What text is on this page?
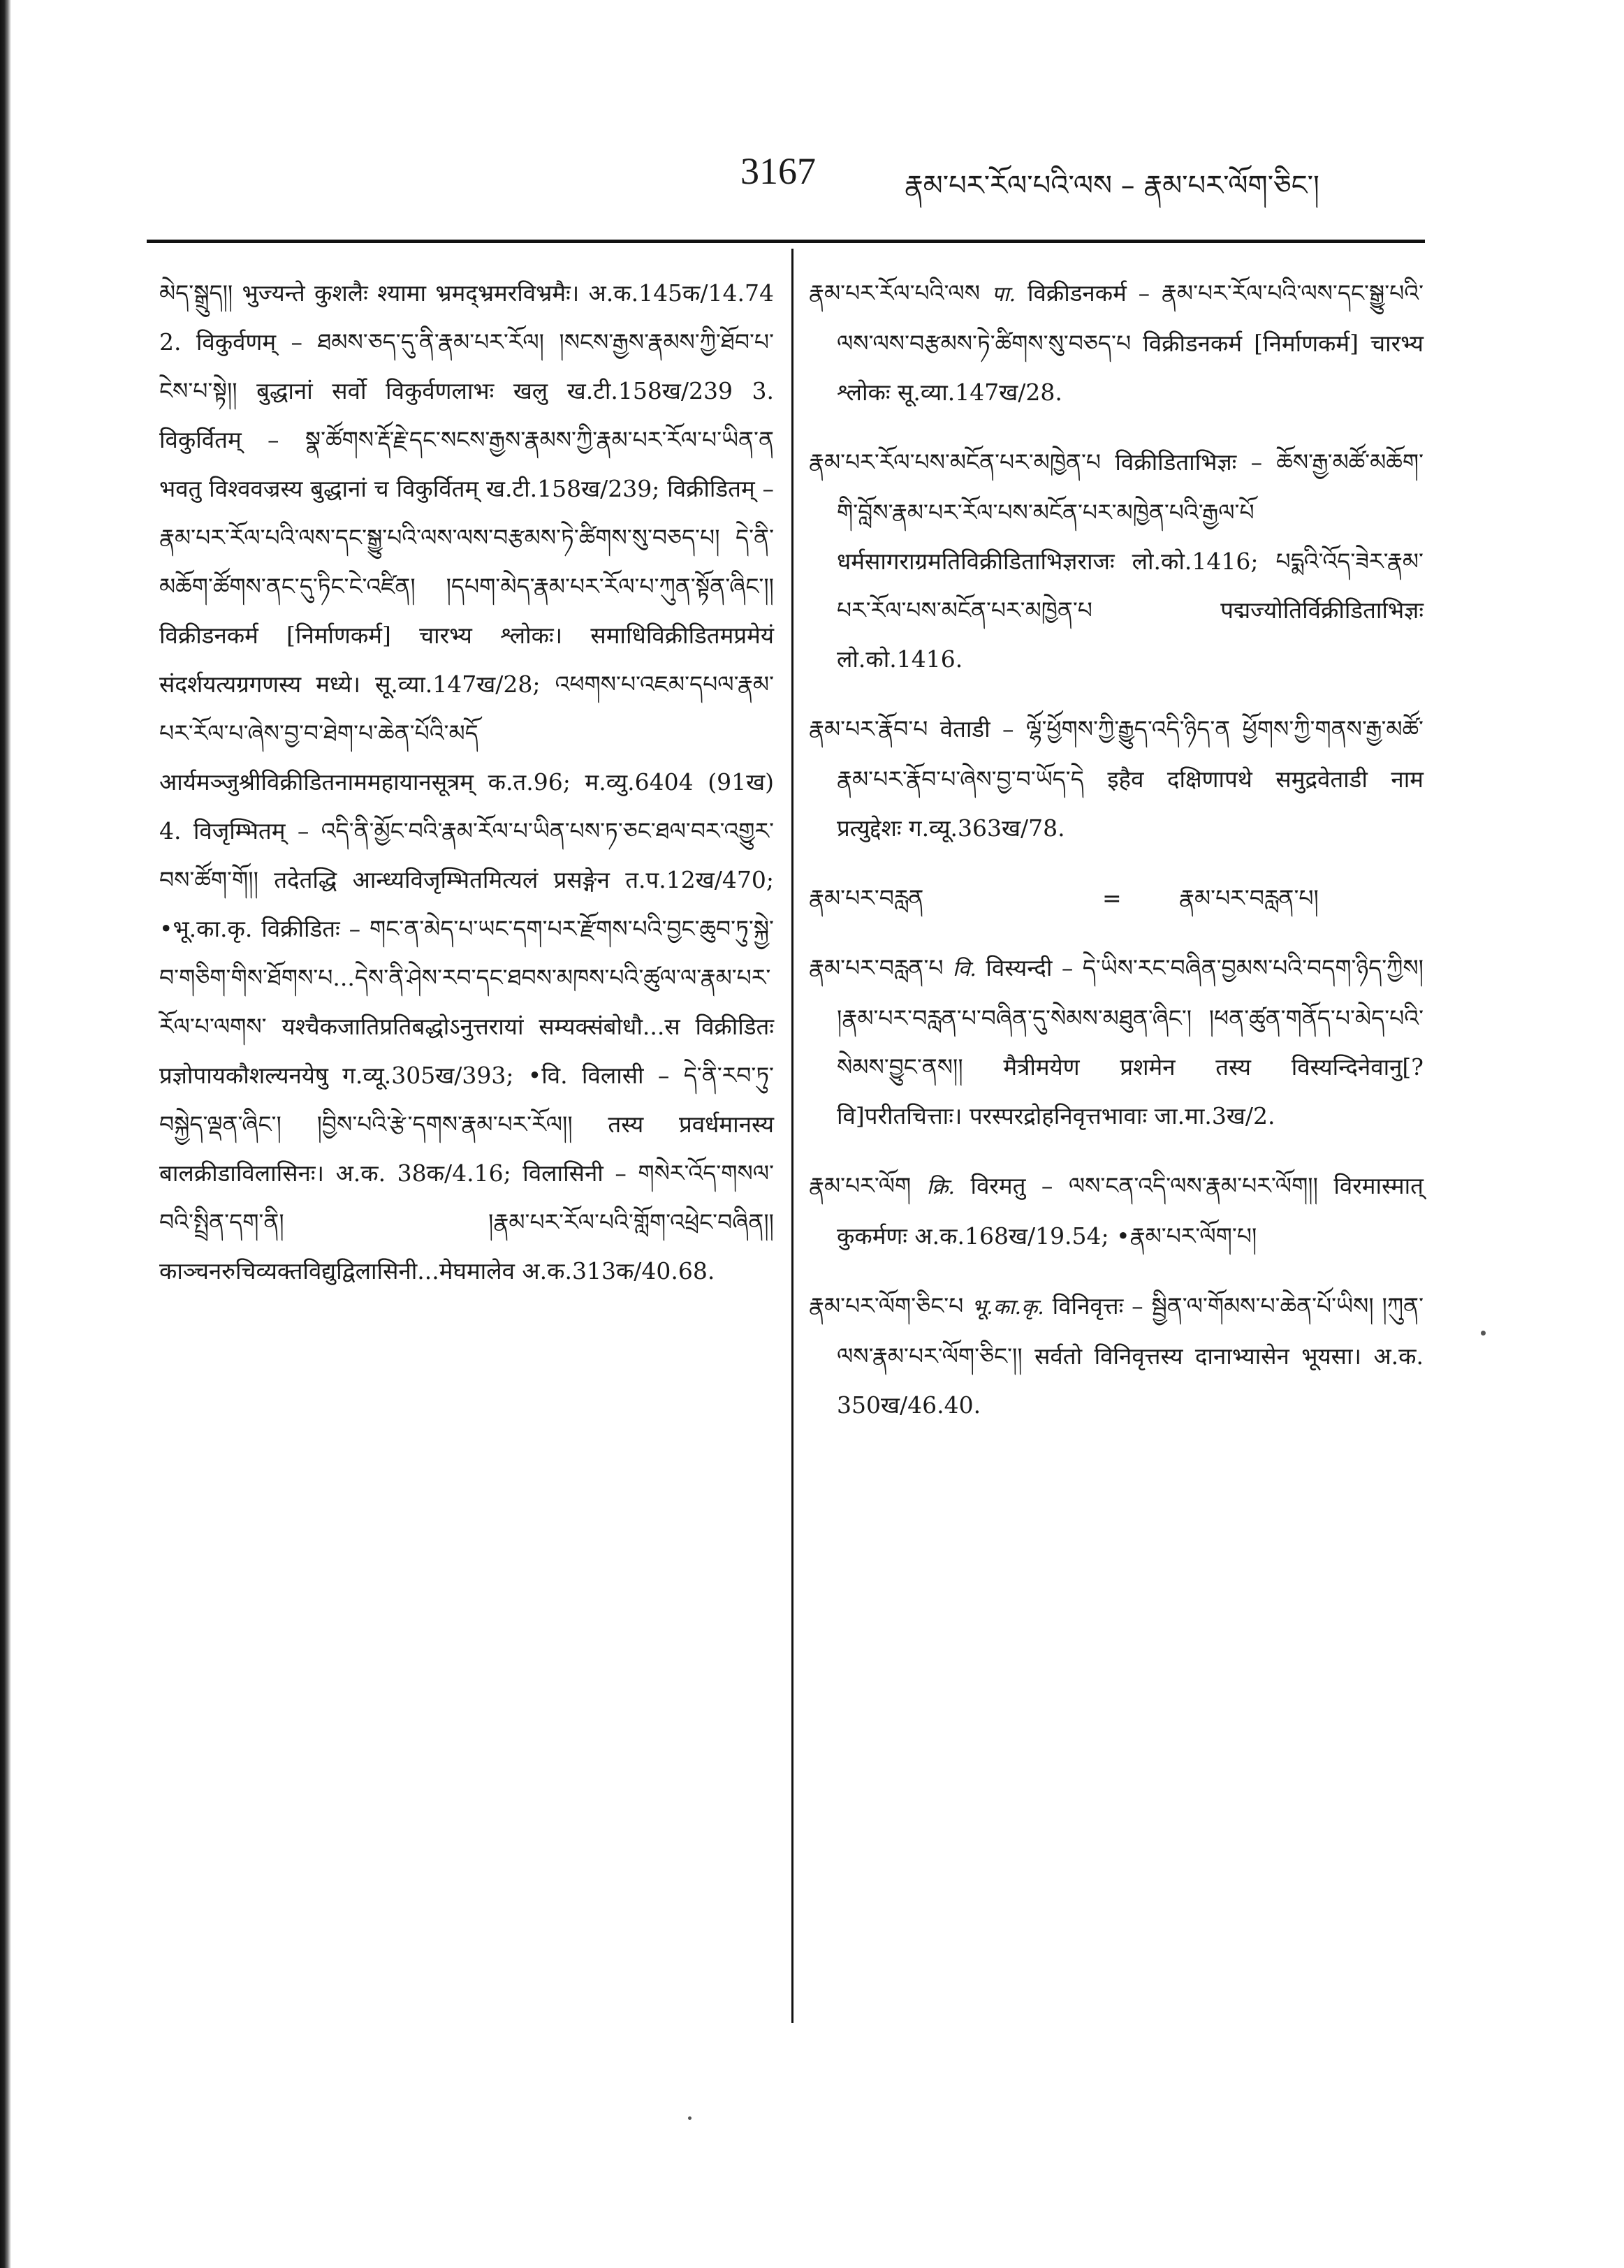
3167	རྣམ་པར་རོལ་པའི་ལས – རྣམ་པར་ལོག་ཅིང་།

མེད་སྒྲུད།། भुज्यन्ते कुशलैः श्यामा भ्रमद्भ्रमरविभ्रमैः। अ.क.145क/14.74 2. विकुर्वणम् – ཐམས་ཅད་དུ་ནི་རྣམ་པར་རོལ། །སངས་རྒྱས་རྣམས་ཀྱི་ཐོབ་པ་ངེས་པ་སྟེ།། बुद्धानां सर्वो विकुर्वणलाभः खलु ख.टी.158ख/239 3. विकुर्वितम् – སྣ་ཚོགས་རྡོ་རྗེ་དང་སངས་རྒྱས་རྣམས་ཀྱི་རྣམ་པར་རོལ་པ་ཡིན་ན भवतु विश्ववज्रस्य बुद्धानां च विकुर्वितम् ख.टी.158ख/239; विक्रीडितम् – རྣམ་པར་རོལ་པའི་ལས་དང་སྒྱུ་པའི་ལས་ལས་བརྩམས་ཏེ་ཚིགས་སུ་བཅད་པ། དེ་ནི་མཆོག་ཚོགས་ནང་དུ་ཏིང་ངེ་འཛིན། །དཔག་མེད་རྣམ་པར་རོལ་པ་ཀུན་སྟོན་ཞིང་།། विक्रीडनकर्म [निर्माणकर्म] चारभ्य श्लोकः। समाधिविक्रीडितमप्रमेयं संदर्शयत्यग्रगणस्य मध्ये। सू.व्या.147ख/28; འཕགས་པ་འཇམ་དཔལ་རྣམ་པར་རོལ་པ་ཞེས་བྱ་བ་ཐེག་པ་ཆེན་པོའི་མདོ आर्यमञ्जुश्रीविक्रीडितनाममहायानसूत्रम् क.त.96; म.व्यु.6404 (91ख) 4. विजृम्भितम् – འདི་ནི་མྱོང་བའི་རྣམ་རོལ་པ་ཡིན་པས་ཏ་ཅང་ཐལ་བར་འགྱུར་བས་ཚོག་གོ།། तदेतद्धि आन्ध्यविजृम्भितमित्यलं प्रसङ्गेन त.प.12ख/470; •भू.का.कृ. विक्रीडितः – གང་ན་མེད་པ་ཡང་དག་པར་རྫོགས་པའི་བྱང་ཆུབ་ཏུ་སྐྱེ་བ་གཅིག་གིས་ཐོགས་པ...དེས་ནི་ཤེས་རབ་དང་ཐབས་མཁས་པའི་ཚུལ་ལ་རྣམ་པར་རོལ་པ་ལགས་ यश्चैकजातिप्रतिबद्धोऽनुत्तरायां सम्यक्संबोधौ...स विक्रीडितः प्रज्ञोपायकौशल्यनयेषु ग.व्यू.305ख/393; •वि. विलासी – དེ་ནི་རབ་ཏུ་བསྐྱེད་ལྡན་ཞིང་། །བྱིས་པའི་རྩེ་དགས་རྣམ་པར་རོལ།། तस्य प्रवर्धमानस्य बालक्रीडाविलासिनः। अ.क. 38क/4.16; विलासिनी – གསེར་འོད་གསལ་བའི་སྤྲིན་དག་ནི། །རྣམ་པར་རོལ་པའི་གློག་འཕྲེང་བཞིན།། काञ्चनरुचिव्यक्तविद्युद्विलासिनी...मेघमालेव अ.क.313क/40.68.

རྣམ་པར་རོལ་པའི་ལས पा. विक्रीडनकर्म – རྣམ་པར་རོལ་པའི་ལས་དང་སྒྱུ་པའི་ལས་ལས་བརྩམས་ཏེ་ཚིགས་སུ་བཅད་པ विक्रीडनकर्म [निर्माणकर्म] चारभ्य श्लोकः सू.व्या.147ख/28.

རྣམ་པར་རོལ་པས་མངོན་པར་མཁྱེན་པ विक्रीडिताभिज्ञः – ཆོས་རྒྱ་མཚོ་མཆོག་གི་བློས་རྣམ་པར་རོལ་པས་མངོན་པར་མཁྱེན་པའི་རྒྱལ་པོ धर्मसागराग्रमतिविक्रीडिताभिज्ञराजः लो.को.1416; པདྨའི་འོད་ཟེར་རྣམ་པར་རོལ་པས་མངོན་པར་མཁྱེན་པ पद्मज्योतिर्विक्रीडिताभिज्ञः लो.को.1416.

རྣམ་པར་རྣོབ་པ वेताडी – ལྷོ་ཕྱོགས་ཀྱི་རྒྱུད་འདི་ཉིད་ན ཕྱོགས་ཀྱི་གནས་རྒྱ་མཚོ་རྣམ་པར་རྣོབ་པ་ཞེས་བྱ་བ་ཡོད་དེ इहैव दक्षिणापथे समुद्रवेताडी नाम प्रत्युद्देशः ग.व्यू.363ख/78.

རྣམ་པར་བརླན	=	རྣམ་པར་བརླན་པ།

རྣམ་པར་བརླན་པ वि. विस्यन्दी – དེ་ཡིས་རང་བཞིན་བྱམས་པའི་བདག་ཉིད་ཀྱིས། །རྣམ་པར་བརླན་པ་བཞིན་དུ་སེམས་མཐུན་ཞིང་། །ཕན་ཚུན་གནོད་པ་མེད་པའི་སེམས་བྱུང་ནས།། मैत्रीमयेण प्रशमेन तस्य विस्यन्दिनेवानु[? वि]परीतचित्ताः। परस्परद्रोहनिवृत्तभावाः जा.मा.3ख/2.

རྣམ་པར་ལོག क्रि. विरमतु – ལས་ངན་འདི་ལས་རྣམ་པར་ལོག།། विरमास्मात् कुकर्मणः अ.क.168ख/19.54; •རྣམ་པར་ལོག་པ།

རྣམ་པར་ལོག་ཅིང་པ भू.का.कृ. विनिवृत्तः – སྦྱིན་ལ་གོམས་པ་ཆེན་པོ་ཡིས། །ཀུན་ལས་རྣམ་པར་ལོག་ཅིང་།། सर्वतो विनिवृत्तस्य दानाभ्यासेन भूयसा। अ.क. 350ख/46.40.
